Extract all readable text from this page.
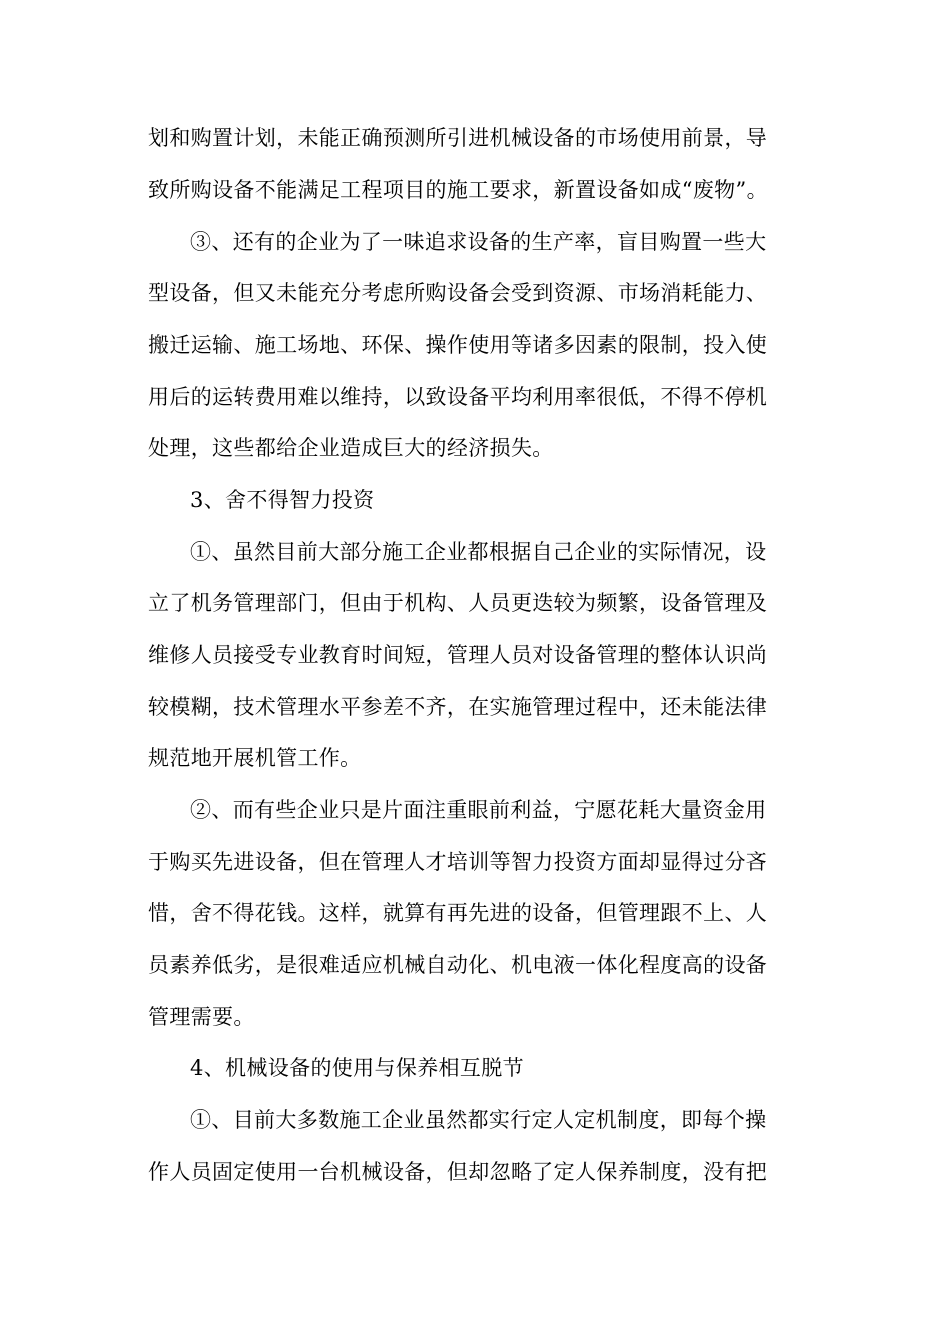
划和购置计划，未能正确预测所引进机械设备的市场使用前景，导
致所购设备不能满足工程项目的施工要求，新置设备如成“废物”。
③、还有的企业为了一味追求设备的生产率，盲目购置一些大
型设备，但又未能充分考虑所购设备会受到资源、市场消耗能力、
搬迁运输、施工场地、环保、操作使用等诸多因素的限制，投入使
用后的运转费用难以维持，以致设备平均利用率很低，不得不停机
处理，这些都给企业造成巨大的经济损失。
3、舍不得智力投资
①、虽然目前大部分施工企业都根据自己企业的实际情况，设
立了机务管理部门，但由于机构、人员更迭较为频繁，设备管理及
维修人员接受专业教育时间短，管理人员对设备管理的整体认识尚
较模糊，技术管理水平参差不齐，在实施管理过程中，还未能法律
规范地开展机管工作。
②、而有些企业只是片面注重眼前利益，宁愿花耗大量资金用
于购买先进设备，但在管理人才培训等智力投资方面却显得过分吝
惜，舍不得花钱。这样，就算有再先进的设备，但管理跟不上、人
员素养低劣，是很难适应机械自动化、机电液一体化程度高的设备
管理需要。
4、机械设备的使用与保养相互脱节
①、目前大多数施工企业虽然都实行定人定机制度，即每个操
作人员固定使用一台机械设备，但却忽略了定人保养制度，没有把
